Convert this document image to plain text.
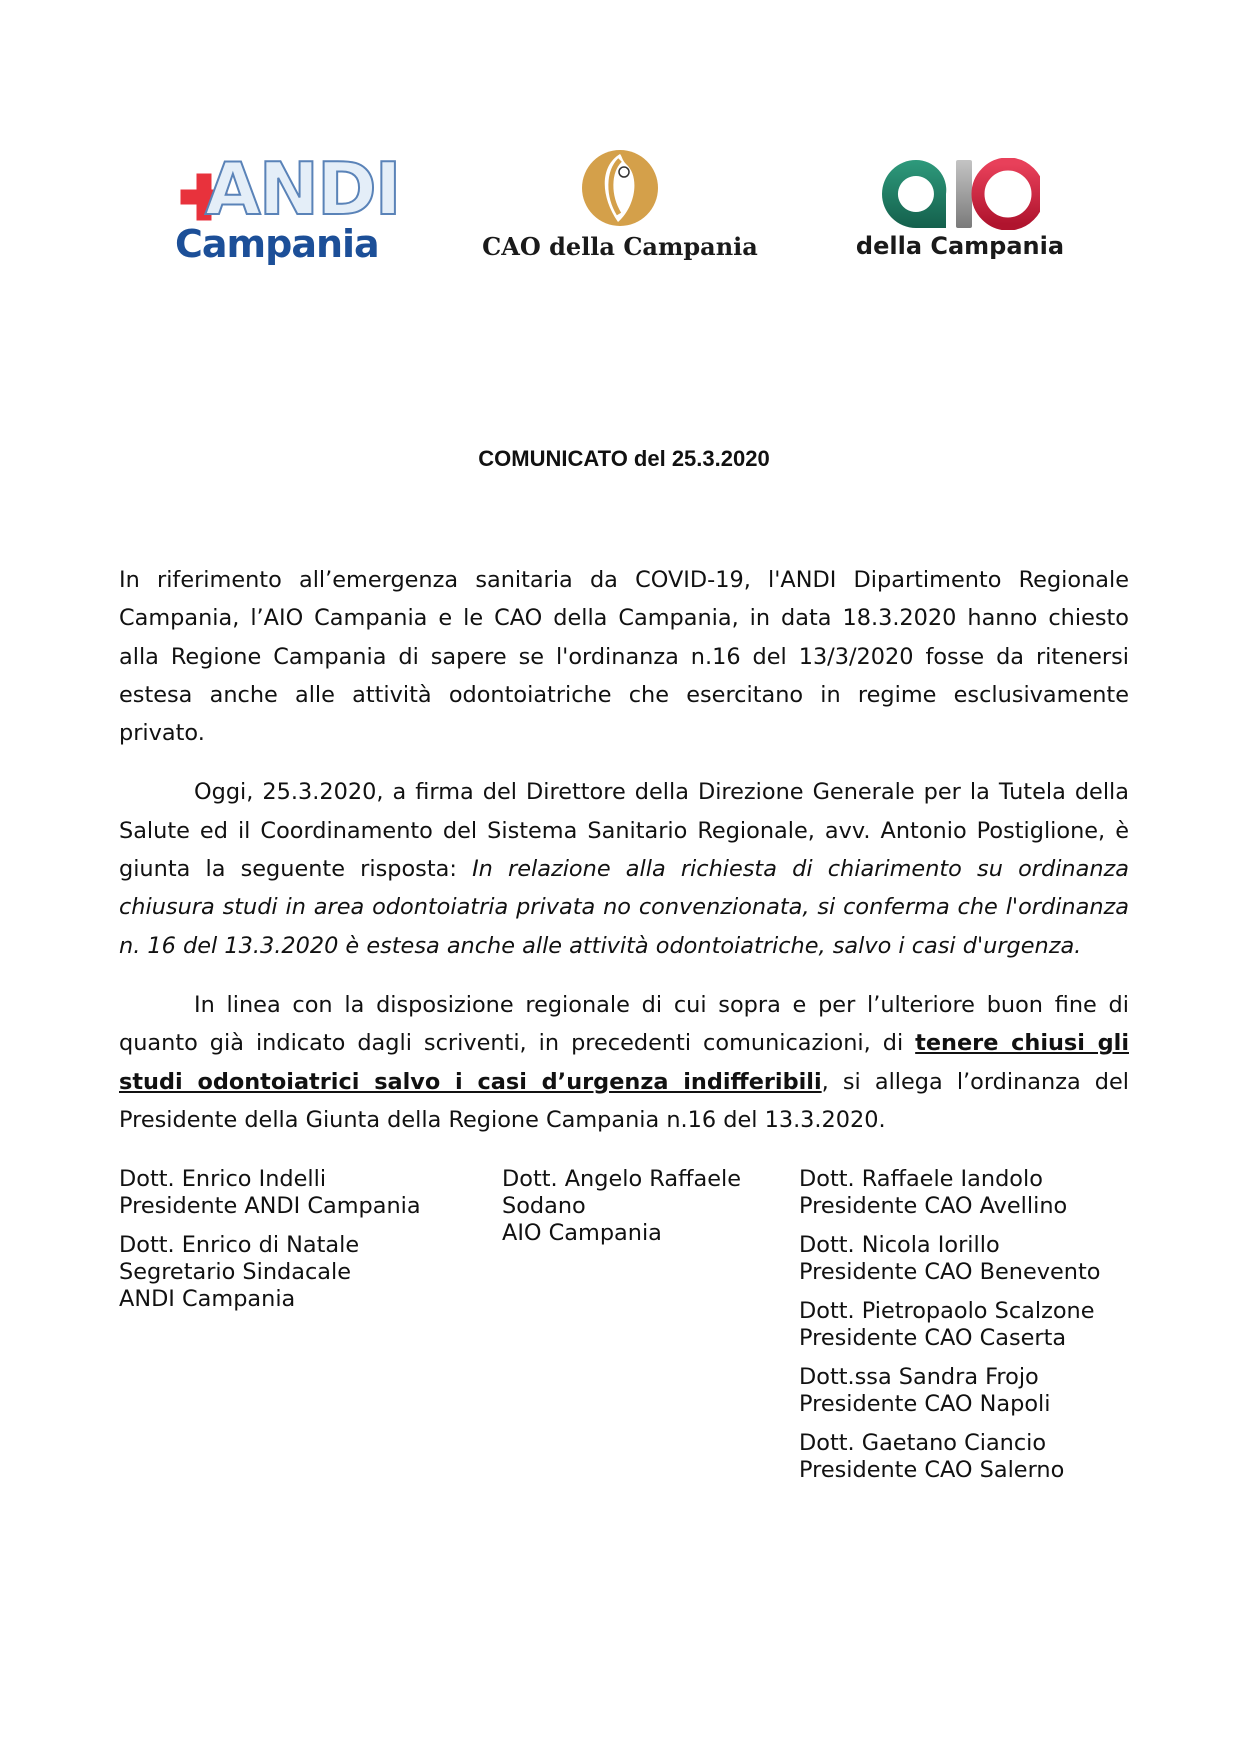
ANDI
Campania	CAO della Campania	della Campania
COMUNICATO del 25.3.2020

In riferimento all’emergenza sanitaria da COVID-19, l'ANDI Dipartimento Regionale Campania, l’AIO Campania e le CAO della Campania, in data 18.3.2020 hanno chiesto alla Regione Campania di sapere se l'ordinanza n.16 del 13/3/2020 fosse da ritenersi estesa anche alle attività odontoiatriche che esercitano in regime esclusivamente privato.

Oggi, 25.3.2020, a firma del Direttore della Direzione Generale per la Tutela della Salute ed il Coordinamento del Sistema Sanitario Regionale, avv. Antonio Postiglione, è giunta la seguente risposta: In relazione alla richiesta di chiarimento su ordinanza chiusura studi in area odontoiatria privata no convenzionata, si conferma che l'ordinanza n. 16 del 13.3.2020 è estesa anche alle attività odontoiatriche, salvo i casi d'urgenza.

In linea con la disposizione regionale di cui sopra e per l’ulteriore buon fine di quanto già indicato dagli scriventi, in precedenti comunicazioni, di tenere chiusi gli studi odontoiatrici salvo i casi d’urgenza indifferibili, si allega l’ordinanza del Presidente della Giunta della Regione Campania n.16 del 13.3.2020.

Dott. Enrico Indelli
Presidente ANDI Campania
Dott. Enrico di Natale
Segretario Sindacale
ANDI Campania
Dott. Angelo Raffaele
Sodano
AIO Campania
Dott. Raffaele Iandolo
Presidente CAO Avellino
Dott. Nicola Iorillo
Presidente CAO Benevento
Dott. Pietropaolo Scalzone
Presidente CAO Caserta
Dott.ssa Sandra Frojo
Presidente CAO Napoli
Dott. Gaetano Ciancio
Presidente CAO Salerno
